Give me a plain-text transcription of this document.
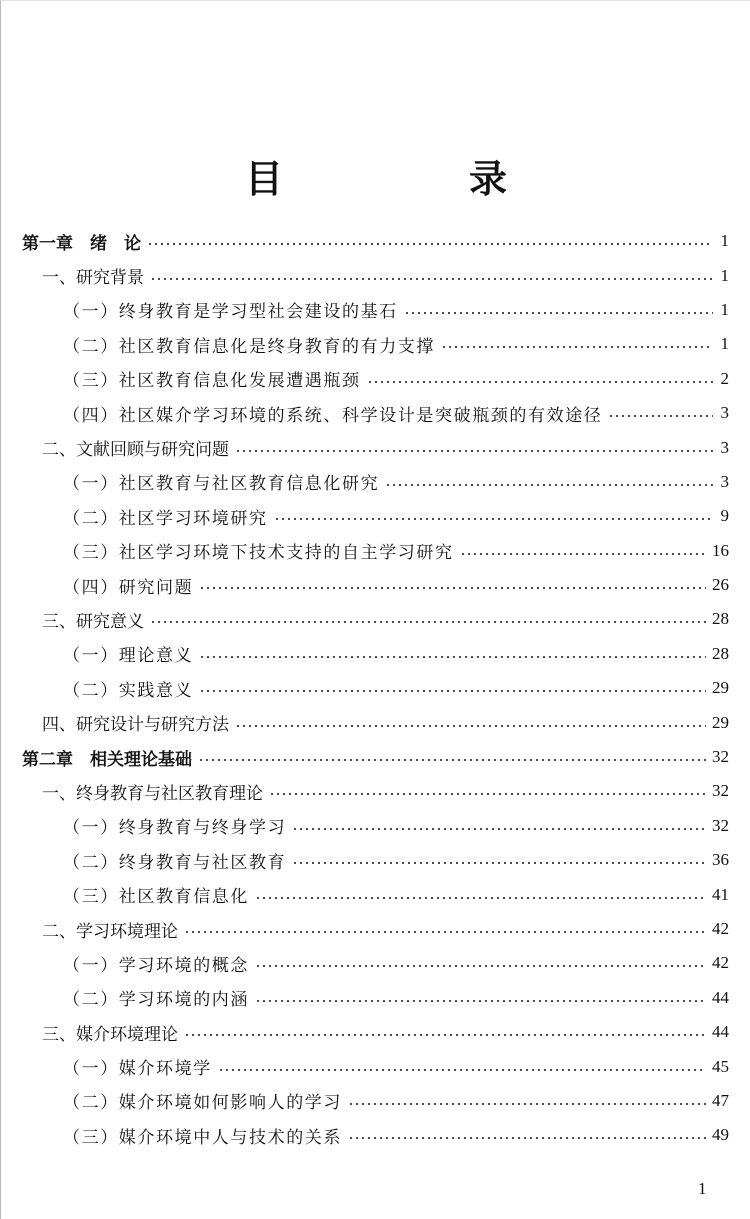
目　录
第一章　绪　论	1
一、研究背景	1
（一）终身教育是学习型社会建设的基石	1
（二）社区教育信息化是终身教育的有力支撑	1
（三）社区教育信息化发展遭遇瓶颈	2
（四）社区媒介学习环境的系统、科学设计是突破瓶颈的有效途径	3
二、文献回顾与研究问题	3
（一）社区教育与社区教育信息化研究	3
（二）社区学习环境研究	9
（三）社区学习环境下技术支持的自主学习研究	16
（四）研究问题	26
三、研究意义	28
（一）理论意义	28
（二）实践意义	29
四、研究设计与研究方法	29
第二章　相关理论基础	32
一、终身教育与社区教育理论	32
（一）终身教育与终身学习	32
（二）终身教育与社区教育	36
（三）社区教育信息化	41
二、学习环境理论	42
（一）学习环境的概念	42
（二）学习环境的内涵	44
三、媒介环境理论	44
（一）媒介环境学	45
（二）媒介环境如何影响人的学习	47
（三）媒介环境中人与技术的关系	49
1
